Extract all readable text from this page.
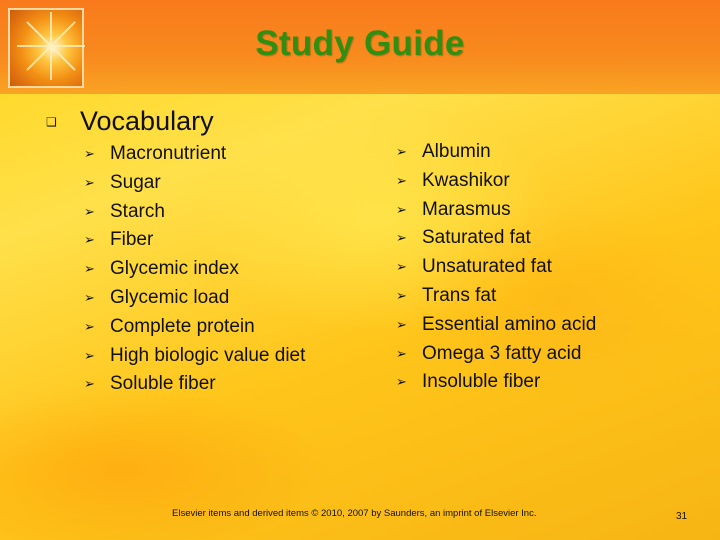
Study Guide
❑ Vocabulary
➢ Macronutrient
➢ Sugar
➢ Starch
➢ Fiber
➢ Glycemic index
➢ Glycemic load
➢ Complete protein
➢ High biologic value diet
➢ Soluble fiber
➢ Albumin
➢ Kwashikor
➢ Marasmus
➢ Saturated fat
➢ Unsaturated fat
➢ Trans fat
➢ Essential amino acid
➢ Omega 3 fatty acid
➢ Insoluble fiber
Elsevier items and derived items © 2010, 2007 by Saunders, an imprint of Elsevier Inc.	31
